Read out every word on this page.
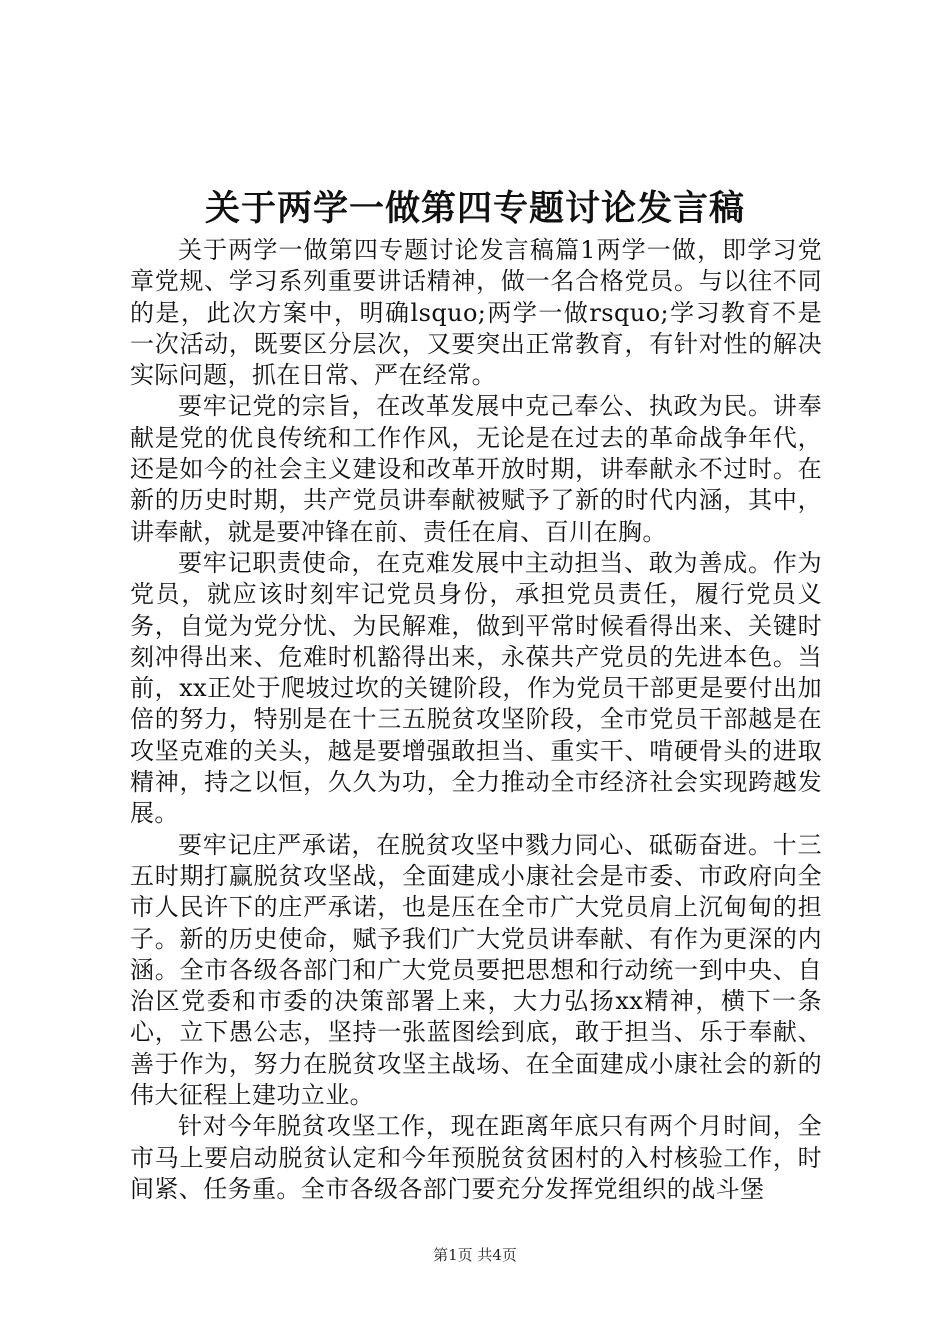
关于两学一做第四专题讨论发言稿

关于两学一做第四专题讨论发言稿篇1两学一做，即学习党章党规、学习系列重要讲话精神，做一名合格党员。与以往不同的是，此次方案中，明确lsquo;两学一做rsquo;学习教育不是一次活动，既要区分层次，又要突出正常教育，有针对性的解决实际问题，抓在日常、严在经常。

要牢记党的宗旨，在改革发展中克己奉公、执政为民。讲奉献是党的优良传统和工作作风，无论是在过去的革命战争年代，还是如今的社会主义建设和改革开放时期，讲奉献永不过时。在新的历史时期，共产党员讲奉献被赋予了新的时代内涵，其中，讲奉献，就是要冲锋在前、责任在肩、百川在胸。

要牢记职责使命，在克难发展中主动担当、敢为善成。作为党员，就应该时刻牢记党员身份，承担党员责任，履行党员义务，自觉为党分忧、为民解难，做到平常时候看得出来、关键时刻冲得出来、危难时机豁得出来，永葆共产党员的先进本色。当前，xx正处于爬坡过坎的关键阶段，作为党员干部更是要付出加倍的努力，特别是在十三五脱贫攻坚阶段，全市党员干部越是在攻坚克难的关头，越是要增强敢担当、重实干、啃硬骨头的进取精神，持之以恒，久久为功，全力推动全市经济社会实现跨越发展。

要牢记庄严承诺，在脱贫攻坚中戮力同心、砥砺奋进。十三五时期打赢脱贫攻坚战，全面建成小康社会是市委、市政府向全市人民许下的庄严承诺，也是压在全市广大党员肩上沉甸甸的担子。新的历史使命，赋予我们广大党员讲奉献、有作为更深的内涵。全市各级各部门和广大党员要把思想和行动统一到中央、自治区党委和市委的决策部署上来，大力弘扬xx精神，横下一条心，立下愚公志，坚持一张蓝图绘到底，敢于担当、乐于奉献、善于作为，努力在脱贫攻坚主战场、在全面建成小康社会的新的伟大征程上建功立业。

针对今年脱贫攻坚工作，现在距离年底只有两个月时间，全市马上要启动脱贫认定和今年预脱贫贫困村的入村核验工作，时间紧、任务重。全市各级各部门要充分发挥党组织的战斗堡

第1页 共4页
